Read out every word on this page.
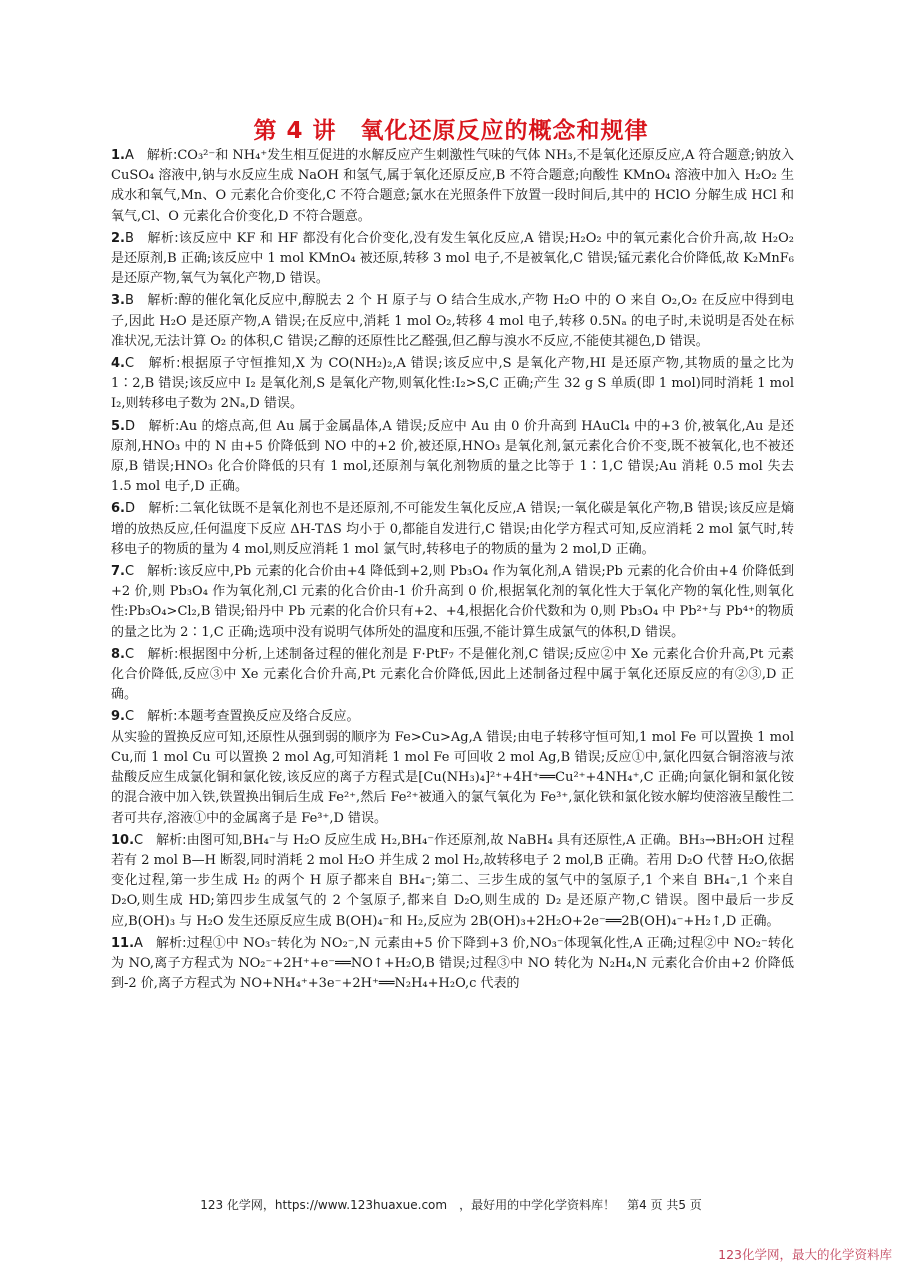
第 4 讲　氧化还原反应的概念和规律

1.A　解析:CO₃²⁻和 NH₄⁺发生相互促进的水解反应产生刺激性气味的气体 NH₃,不是氧化还原反应,A 符合题意;钠放入 CuSO₄ 溶液中,钠与水反应生成 NaOH 和氢气,属于氧化还原反应,B 不符合题意;向酸性 KMnO₄ 溶液中加入 H₂O₂ 生成水和氧气,Mn、O 元素化合价变化,C 不符合题意;氯水在光照条件下放置一段时间后,其中的 HClO 分解生成 HCl 和氧气,Cl、O 元素化合价变化,D 不符合题意。

2.B　解析:该反应中 KF 和 HF 都没有化合价变化,没有发生氧化反应,A 错误;H₂O₂ 中的氧元素化合价升高,故 H₂O₂ 是还原剂,B 正确;该反应中 1 mol KMnO₄ 被还原,转移 3 mol 电子,不是被氧化,C 错误;锰元素化合价降低,故 K₂MnF₆ 是还原产物,氧气为氧化产物,D 错误。

3.B　解析:醇的催化氧化反应中,醇脱去 2 个 H 原子与 O 结合生成水,产物 H₂O 中的 O 来自 O₂,O₂ 在反应中得到电子,因此 H₂O 是还原产物,A 错误;在反应中,消耗 1 mol O₂,转移 4 mol 电子,转移 0.5Nₐ 的电子时,未说明是否处在标准状况,无法计算 O₂ 的体积,C 错误;乙醇的还原性比乙醛强,但乙醇与溴水不反应,不能使其褪色,D 错误。

4.C　解析:根据原子守恒推知,X 为 CO(NH₂)₂,A 错误;该反应中,S 是氧化产物,HI 是还原产物,其物质的量之比为 1∶2,B 错误;该反应中 I₂ 是氧化剂,S 是氧化产物,则氧化性:I₂>S,C 正确;产生 32 g S 单质(即 1 mol)同时消耗 1 mol I₂,则转移电子数为 2Nₐ,D 错误。

5.D　解析:Au 的熔点高,但 Au 属于金属晶体,A 错误;反应中 Au 由 0 价升高到 HAuCl₄ 中的+3 价,被氧化,Au 是还原剂,HNO₃ 中的 N 由+5 价降低到 NO 中的+2 价,被还原,HNO₃ 是氧化剂,氯元素化合价不变,既不被氧化,也不被还原,B 错误;HNO₃ 化合价降低的只有 1 mol,还原剂与氧化剂物质的量之比等于 1∶1,C 错误;Au 消耗 0.5 mol 失去 1.5 mol 电子,D 正确。

6.D　解析:二氧化钛既不是氧化剂也不是还原剂,不可能发生氧化反应,A 错误;一氧化碳是氧化产物,B 错误;该反应是熵增的放热反应,任何温度下反应 ΔH-TΔS 均小于 0,都能自发进行,C 错误;由化学方程式可知,反应消耗 2 mol 氯气时,转移电子的物质的量为 4 mol,则反应消耗 1 mol 氯气时,转移电子的物质的量为 2 mol,D 正确。

7.C　解析:该反应中,Pb 元素的化合价由+4 降低到+2,则 Pb₃O₄ 作为氧化剂,A 错误;Pb 元素的化合价由+4 价降低到+2 价,则 Pb₃O₄ 作为氧化剂,Cl 元素的化合价由-1 价升高到 0 价,根据氧化剂的氧化性大于氧化产物的氧化性,则氧化性:Pb₃O₄>Cl₂,B 错误;铅丹中 Pb 元素的化合价只有+2、+4,根据化合价代数和为 0,则 Pb₃O₄ 中 Pb²⁺与 Pb⁴⁺的物质的量之比为 2∶1,C 正确;选项中没有说明气体所处的温度和压强,不能计算生成氯气的体积,D 错误。

8.C　解析:根据图中分析,上述制备过程的催化剂是 F·PtF₇ 不是催化剂,C 错误;反应②中 Xe 元素化合价升高,Pt 元素化合价降低,反应③中 Xe 元素化合价升高,Pt 元素化合价降低,因此上述制备过程中属于氧化还原反应的有②③,D 正确。

9.C　解析:本题考查置换反应及络合反应。

从实验的置换反应可知,还原性从强到弱的顺序为 Fe>Cu>Ag,A 错误;由电子转移守恒可知,1 mol Fe 可以置换 1 mol Cu,而 1 mol Cu 可以置换 2 mol Ag,可知消耗 1 mol Fe 可回收 2 mol Ag,B 错误;反应①中,氯化四氨合铜溶液与浓盐酸反应生成氯化铜和氯化铵,该反应的离子方程式是[Cu(NH₃)₄]²⁺+4H⁺══Cu²⁺+4NH₄⁺,C 正确;向氯化铜和氯化铵的混合液中加入铁,铁置换出铜后生成 Fe²⁺,然后 Fe²⁺被通入的氯气氧化为 Fe³⁺,氯化铁和氯化铵水解均使溶液呈酸性二者可共存,溶液①中的金属离子是 Fe³⁺,D 错误。

10.C　解析:由图可知,BH₄⁻与 H₂O 反应生成 H₂,BH₄⁻作还原剂,故 NaBH₄ 具有还原性,A 正确。BH₃→BH₂OH 过程若有 2 mol B—H 断裂,同时消耗 2 mol H₂O 并生成 2 mol H₂,故转移电子 2 mol,B 正确。若用 D₂O 代替 H₂O,依据变化过程,第一步生成 H₂ 的两个 H 原子都来自 BH₄⁻;第二、三步生成的氢气中的氢原子,1 个来自 BH₄⁻,1 个来自 D₂O,则生成 HD;第四步生成氢气的 2 个氢原子,都来自 D₂O,则生成的 D₂ 是还原产物,C 错误。图中最后一步反应,B(OH)₃ 与 H₂O 发生还原反应生成 B(OH)₄⁻和 H₂,反应为 2B(OH)₃+2H₂O+2e⁻══2B(OH)₄⁻+H₂↑,D 正确。

11.A　解析:过程①中 NO₃⁻转化为 NO₂⁻,N 元素由+5 价下降到+3 价,NO₃⁻体现氧化性,A 正确;过程②中 NO₂⁻转化为 NO,离子方程式为 NO₂⁻+2H⁺+e⁻══NO↑+H₂O,B 错误;过程③中 NO 转化为 N₂H₄,N 元素化合价由+2 价降低到-2 价,离子方程式为 NO+NH₄⁺+3e⁻+2H⁺══N₂H₄+H₂O,c 代表的

123 化学网，https://www.123huaxue.com　，最好用的中学化学资料库！　第4 页 共5 页
123化学网，最大的化学资料库
